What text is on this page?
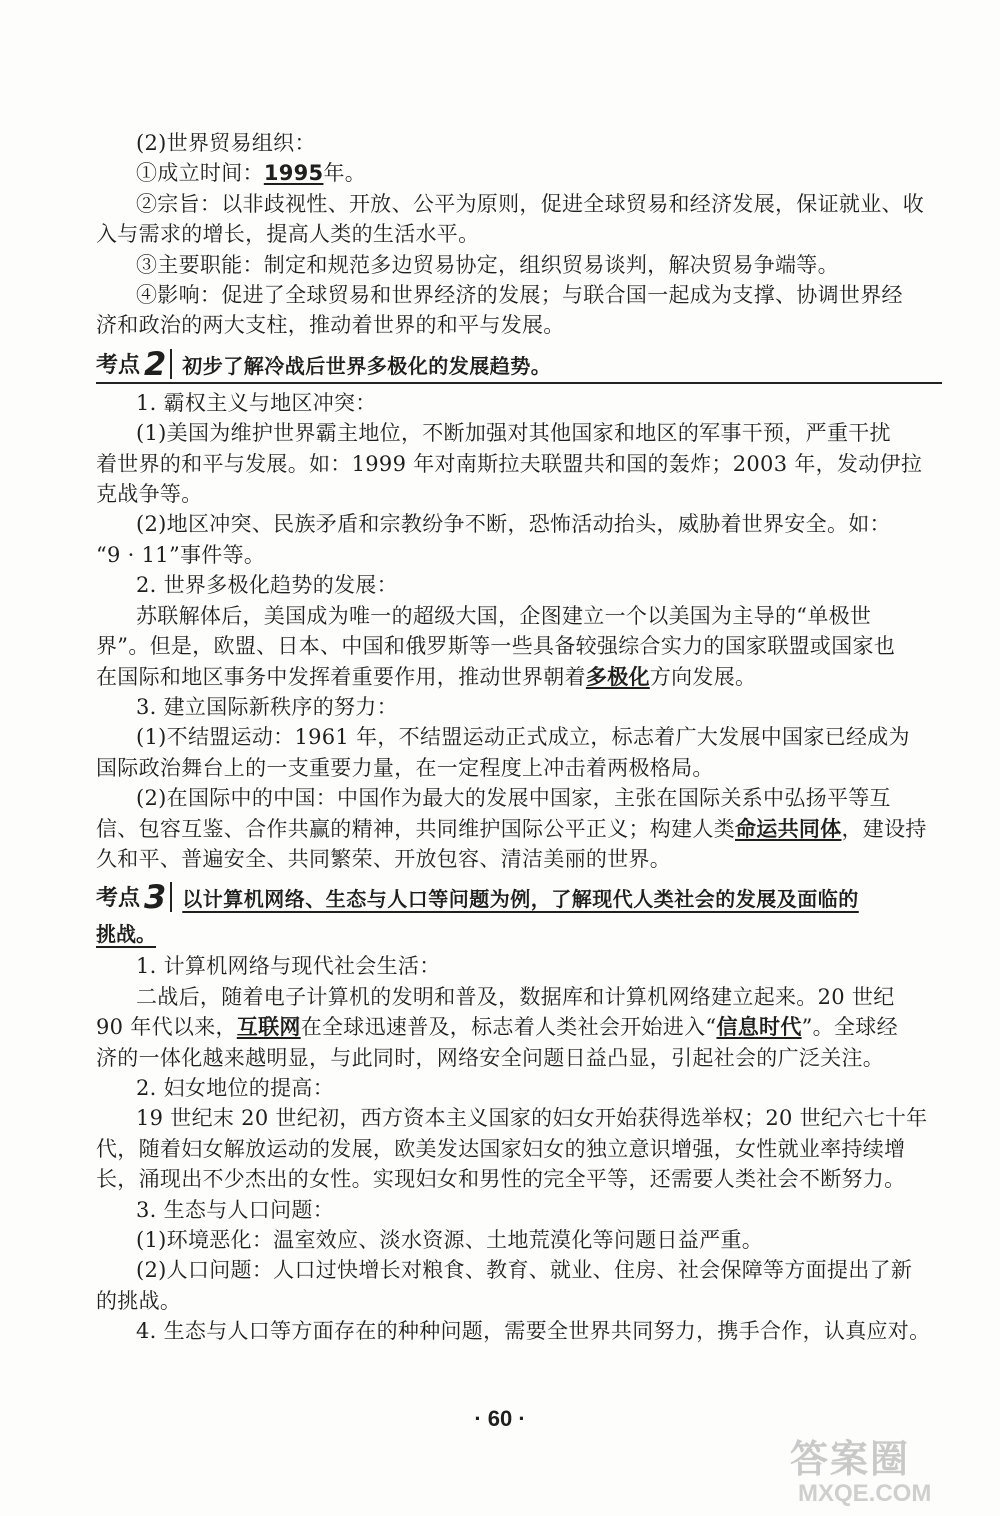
(2)世界贸易组织：
①成立时间：1995年。
②宗旨：以非歧视性、开放、公平为原则，促进全球贸易和经济发展，保证就业、收
入与需求的增长，提高人类的生活水平。
③主要职能：制定和规范多边贸易协定，组织贸易谈判，解决贸易争端等。
④影响：促进了全球贸易和世界经济的发展；与联合国一起成为支撑、协调世界经
济和政治的两大支柱，推动着世界的和平与发展。
考点 2 初步了解冷战后世界多极化的发展趋势。
1. 霸权主义与地区冲突：
(1)美国为维护世界霸主地位，不断加强对其他国家和地区的军事干预，严重干扰
着世界的和平与发展。如：1999 年对南斯拉夫联盟共和国的轰炸；2003 年，发动伊拉
克战争等。
(2)地区冲突、民族矛盾和宗教纷争不断，恐怖活动抬头，威胁着世界安全。如：
“9 · 11”事件等。
2. 世界多极化趋势的发展：
苏联解体后，美国成为唯一的超级大国，企图建立一个以美国为主导的“单极世
界”。但是，欧盟、日本、中国和俄罗斯等一些具备较强综合实力的国家联盟或国家也
在国际和地区事务中发挥着重要作用，推动世界朝着多极化方向发展。
3. 建立国际新秩序的努力：
(1)不结盟运动：1961 年，不结盟运动正式成立，标志着广大发展中国家已经成为
国际政治舞台上的一支重要力量，在一定程度上冲击着两极格局。
(2)在国际中的中国：中国作为最大的发展中国家，主张在国际关系中弘扬平等互
信、包容互鉴、合作共赢的精神，共同维护国际公平正义；构建人类命运共同体，建设持
久和平、普遍安全、共同繁荣、开放包容、清洁美丽的世界。
考点 3 以计算机网络、生态与人口等问题为例，了解现代人类社会的发展及面临的
挑战。
1. 计算机网络与现代社会生活：
二战后，随着电子计算机的发明和普及，数据库和计算机网络建立起来。20 世纪
90 年代以来，互联网在全球迅速普及，标志着人类社会开始进入“信息时代”。全球经
济的一体化越来越明显，与此同时，网络安全问题日益凸显，引起社会的广泛关注。
2. 妇女地位的提高：
19 世纪末 20 世纪初，西方资本主义国家的妇女开始获得选举权；20 世纪六七十年
代，随着妇女解放运动的发展，欧美发达国家妇女的独立意识增强，女性就业率持续增
长，涌现出不少杰出的女性。实现妇女和男性的完全平等，还需要人类社会不断努力。
3. 生态与人口问题：
(1)环境恶化：温室效应、淡水资源、土地荒漠化等问题日益严重。
(2)人口问题：人口过快增长对粮食、教育、就业、住房、社会保障等方面提出了新
的挑战。
4. 生态与人口等方面存在的种种问题，需要全世界共同努力，携手合作，认真应对。
· 60 ·
答案圈
MXQE.COM
